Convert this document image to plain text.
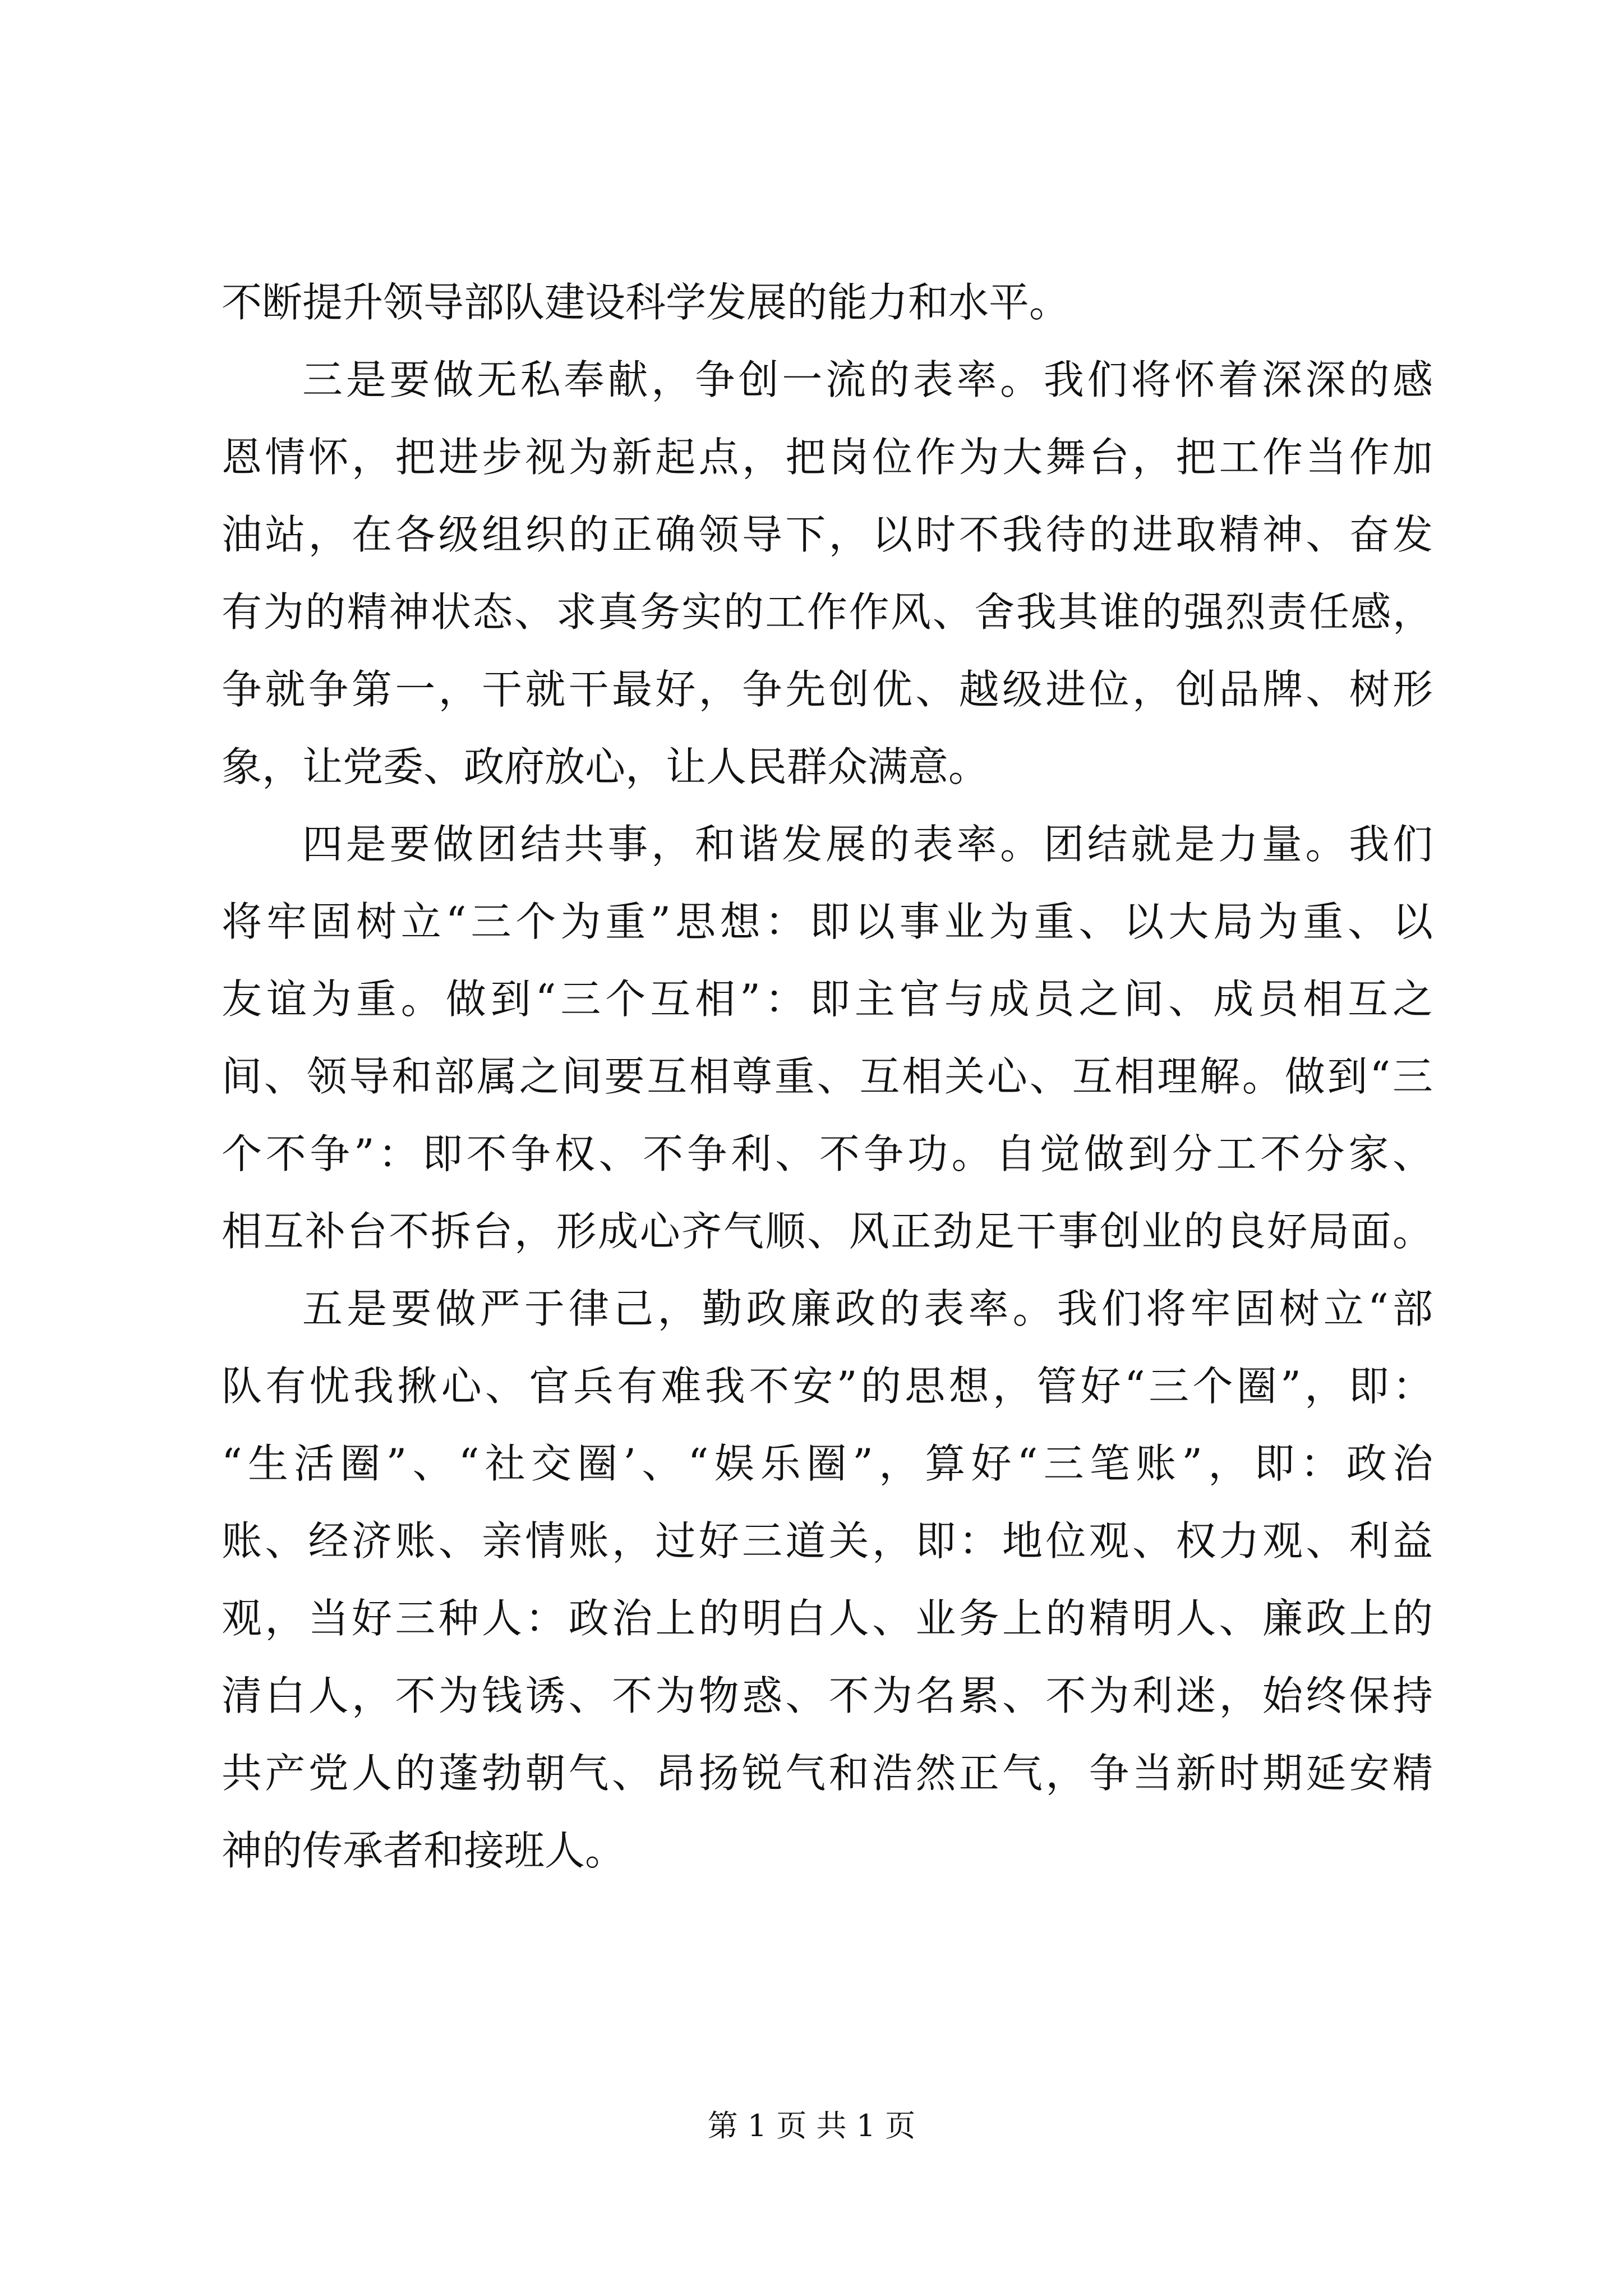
不断提升领导部队建设科学发展的能力和水平。
三是要做无私奉献，争创一流的表率。我们将怀着深深的感
恩情怀，把进步视为新起点，把岗位作为大舞台，把工作当作加
油站，在各级组织的正确领导下，以时不我待的进取精神、奋发
有为的精神状态、求真务实的工作作风、舍我其谁的强烈责任感，
争就争第一，干就干最好，争先创优、越级进位，创品牌、树形
象，让党委、政府放心，让人民群众满意。
四是要做团结共事，和谐发展的表率。团结就是力量。我们
将牢固树立“三个为重”思想：即以事业为重、以大局为重、以
友谊为重。做到“三个互相”：即主官与成员之间、成员相互之
间、领导和部属之间要互相尊重、互相关心、互相理解。做到“三
个不争”：即不争权、不争利、不争功。自觉做到分工不分家、
相互补台不拆台，形成心齐气顺、风正劲足干事创业的良好局面。
五是要做严于律己，勤政廉政的表率。我们将牢固树立“部
队有忧我揪心、官兵有难我不安”的思想，管好“三个圈”，即：
“生活圈”、“社交圈’、“娱乐圈”，算好“三笔账”，即：政治
账、经济账、亲情账，过好三道关，即：地位观、权力观、利益
观，当好三种人：政治上的明白人、业务上的精明人、廉政上的
清白人，不为钱诱、不为物惑、不为名累、不为利迷，始终保持
共产党人的蓬勃朝气、昂扬锐气和浩然正气，争当新时期延安精
神的传承者和接班人。
第 1 页 共 1 页
